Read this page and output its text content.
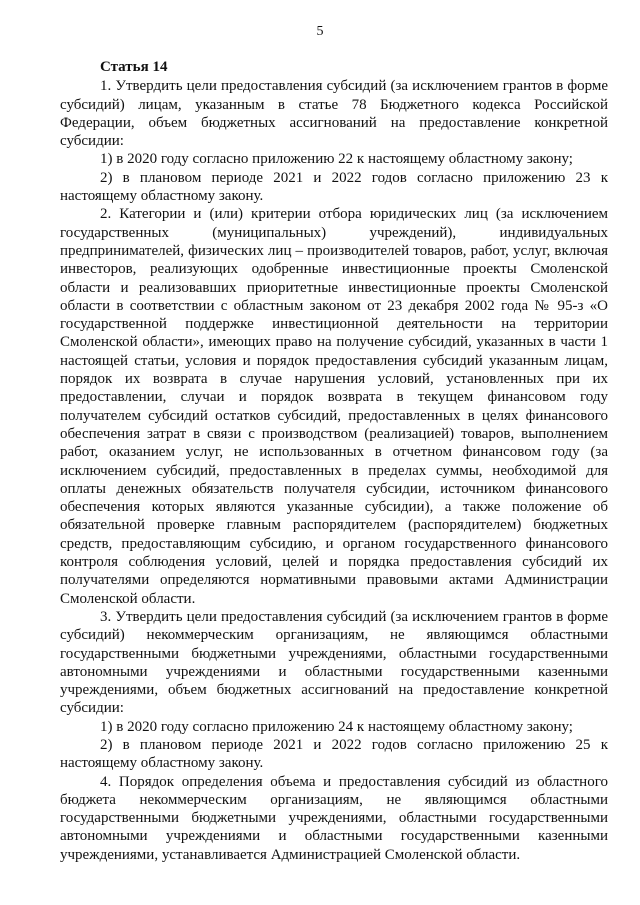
5
Статья 14

1. Утвердить цели предоставления субсидий (за исключением грантов в форме субсидий) лицам, указанным в статье 78 Бюджетного кодекса Российской Федерации, объем бюджетных ассигнований на предоставление конкретной субсидии:

1) в 2020 году согласно приложению 22 к настоящему областному закону;

2) в плановом периоде 2021 и 2022 годов согласно приложению 23 к настоящему областному закону.

2. Категории и (или) критерии отбора юридических лиц (за исключением государственных (муниципальных) учреждений), индивидуальных предпринимателей, физических лиц – производителей товаров, работ, услуг, включая инвесторов, реализующих одобренные инвестиционные проекты Смоленской области и реализовавших приоритетные инвестиционные проекты Смоленской области в соответствии с областным законом от 23 декабря 2002 года № 95-з «О государственной поддержке инвестиционной деятельности на территории Смоленской области», имеющих право на получение субсидий, указанных в части 1 настоящей статьи, условия и порядок предоставления субсидий указанным лицам, порядок их возврата в случае нарушения условий, установленных при их предоставлении, случаи и порядок возврата в текущем финансовом году получателем субсидий остатков субсидий, предоставленных в целях финансового обеспечения затрат в связи с производством (реализацией) товаров, выполнением работ, оказанием услуг, не использованных в отчетном финансовом году (за исключением субсидий, предоставленных в пределах суммы, необходимой для оплаты денежных обязательств получателя субсидии, источником финансового обеспечения которых являются указанные субсидии), а также положение об обязательной проверке главным распорядителем (распорядителем) бюджетных средств, предоставляющим субсидию, и органом государственного финансового контроля соблюдения условий, целей и порядка предоставления субсидий их получателями определяются нормативными правовыми актами Администрации Смоленской области.

3. Утвердить цели предоставления субсидий (за исключением грантов в форме субсидий) некоммерческим организациям, не являющимся областными государственными бюджетными учреждениями, областными государственными автономными учреждениями и областными государственными казенными учреждениями, объем бюджетных ассигнований на предоставление конкретной субсидии:

1) в 2020 году согласно приложению 24 к настоящему областному закону;

2) в плановом периоде 2021 и 2022 годов согласно приложению 25 к настоящему областному закону.

4. Порядок определения объема и предоставления субсидий из областного бюджета некоммерческим организациям, не являющимся областными государственными бюджетными учреждениями, областными государственными автономными учреждениями и областными государственными казенными учреждениями, устанавливается Администрацией Смоленской области.
